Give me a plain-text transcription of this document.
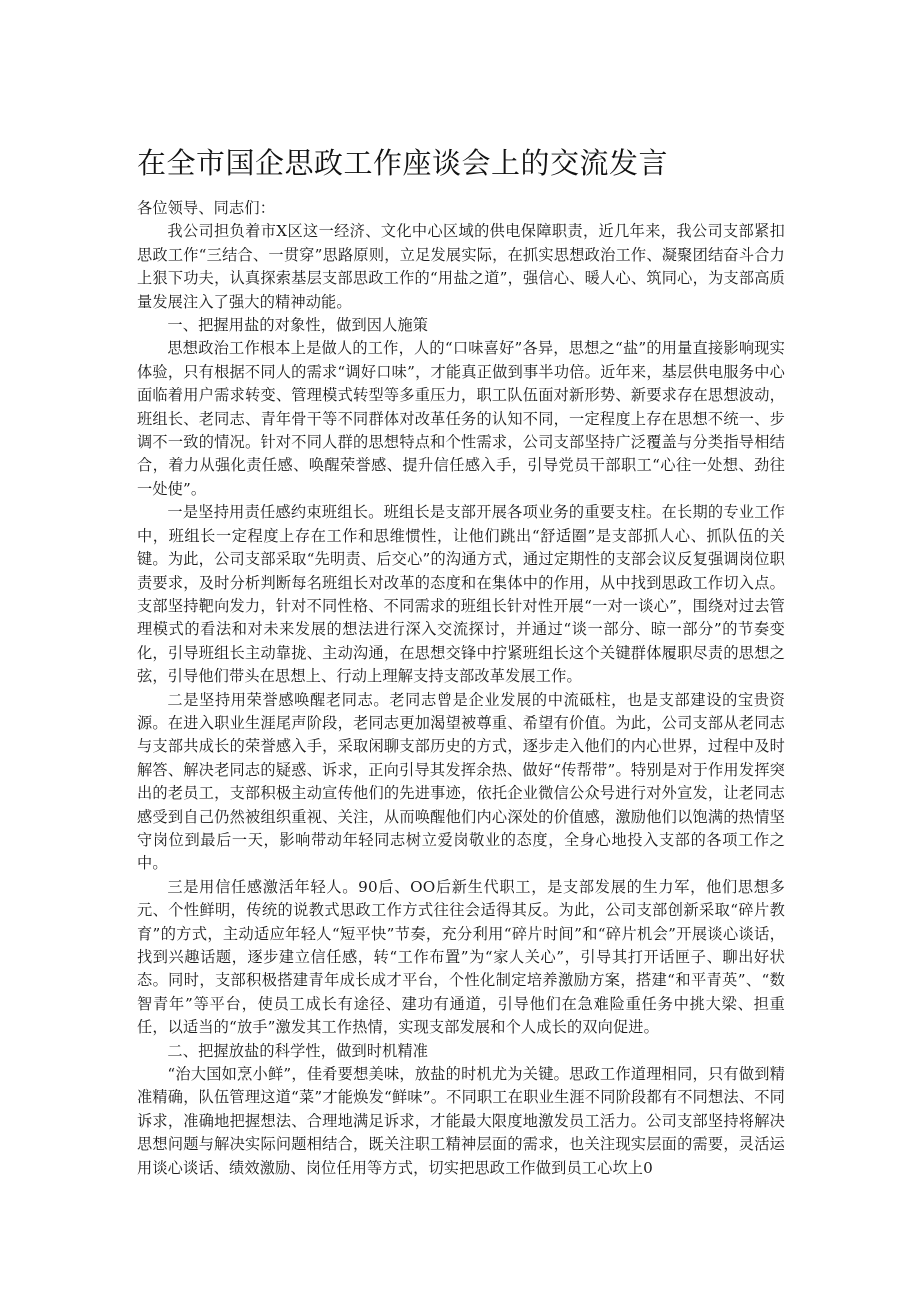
在全市国企思政工作座谈会上的交流发言

各位领导、同志们：

我公司担负着市X区这一经济、文化中心区域的供电保障职责，近几年来，我公司支部紧扣思政工作“三结合、一贯穿”思路原则，立足发展实际，在抓实思想政治工作、凝聚团结奋斗合力上狠下功夫，认真探索基层支部思政工作的“用盐之道”，强信心、暖人心、筑同心，为支部高质量发展注入了强大的精神动能。

一、把握用盐的对象性，做到因人施策

思想政治工作根本上是做人的工作，人的“口味喜好”各异，思想之“盐”的用量直接影响现实体验，只有根据不同人的需求“调好口味”，才能真正做到事半功倍。近年来，基层供电服务中心面临着用户需求转变、管理模式转型等多重压力，职工队伍面对新形势、新要求存在思想波动，班组长、老同志、青年骨干等不同群体对改革任务的认知不同，一定程度上存在思想不统一、步调不一致的情况。针对不同人群的思想特点和个性需求，公司支部坚持广泛覆盖与分类指导相结合，着力从强化责任感、唤醒荣誉感、提升信任感入手，引导党员干部职工“心往一处想、劲往一处使”。

一是坚持用责任感约束班组长。班组长是支部开展各项业务的重要支柱。在长期的专业工作中，班组长一定程度上存在工作和思维惯性，让他们跳出“舒适圈”是支部抓人心、抓队伍的关键。为此，公司支部采取“先明责、后交心”的沟通方式，通过定期性的支部会议反复强调岗位职责要求，及时分析判断每名班组长对改革的态度和在集体中的作用，从中找到思政工作切入点。支部坚持靶向发力，针对不同性格、不同需求的班组长针对性开展“一对一谈心”，围绕对过去管理模式的看法和对未来发展的想法进行深入交流探讨，并通过“谈一部分、晾一部分”的节奏变化，引导班组长主动靠拢、主动沟通，在思想交锋中拧紧班组长这个关键群体履职尽责的思想之弦，引导他们带头在思想上、行动上理解支持支部改革发展工作。

二是坚持用荣誉感唤醒老同志。老同志曾是企业发展的中流砥柱，也是支部建设的宝贵资源。在进入职业生涯尾声阶段，老同志更加渴望被尊重、希望有价值。为此，公司支部从老同志与支部共成长的荣誉感入手，采取闲聊支部历史的方式，逐步走入他们的内心世界，过程中及时解答、解决老同志的疑惑、诉求，正向引导其发挥余热、做好“传帮带”。特别是对于作用发挥突出的老员工，支部积极主动宣传他们的先进事迹，依托企业微信公众号进行对外宣发，让老同志感受到自己仍然被组织重视、关注，从而唤醒他们内心深处的价值感，激励他们以饱满的热情坚守岗位到最后一天，影响带动年轻同志树立爱岗敬业的态度，全身心地投入支部的各项工作之中。

三是用信任感激活年轻人。90后、OO后新生代职工，是支部发展的生力军，他们思想多元、个性鲜明，传统的说教式思政工作方式往往会适得其反。为此，公司支部创新采取“碎片教育”的方式，主动适应年轻人“短平快”节奏，充分利用“碎片时间”和“碎片机会”开展谈心谈话，找到兴趣话题，逐步建立信任感，转“工作布置”为“家人关心”，引导其打开话匣子、聊出好状态。同时，支部积极搭建青年成长成才平台，个性化制定培养激励方案，搭建“和平青英”、“数智青年”等平台，使员工成长有途径、建功有通道，引导他们在急难险重任务中挑大梁、担重任，以适当的“放手”激发其工作热情，实现支部发展和个人成长的双向促进。

二、把握放盐的科学性，做到时机精准

“治大国如烹小鲜”，佳肴要想美味，放盐的时机尤为关键。思政工作道理相同，只有做到精准精确，队伍管理这道“菜”才能焕发“鲜味”。不同职工在职业生涯不同阶段都有不同想法、不同诉求，准确地把握想法、合理地满足诉求，才能最大限度地激发员工活力。公司支部坚持将解决思想问题与解决实际问题相结合，既关注职工精神层面的需求，也关注现实层面的需要，灵活运用谈心谈话、绩效激励、岗位任用等方式，切实把思政工作做到员工心坎上0
